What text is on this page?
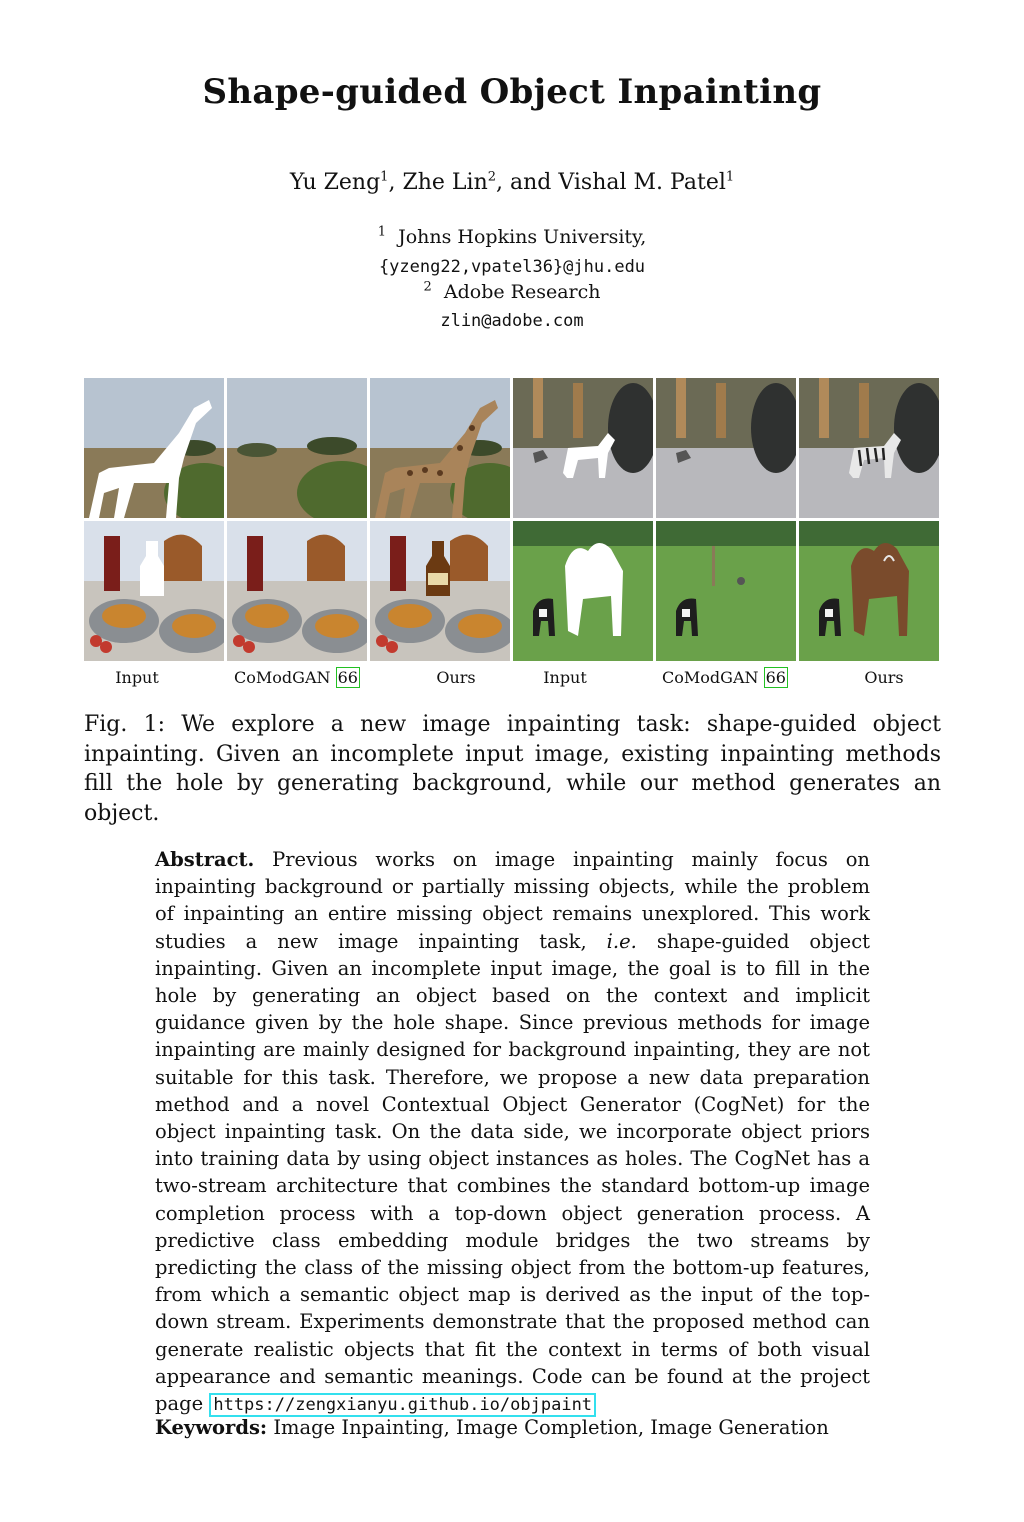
Shape-guided Object Inpainting
Yu Zeng$^1$, Zhe Lin$^2$, and Vishal M. Patel$^1$
$^1$ Johns Hopkins University,
{yzeng22,vpatel36}@jhu.edu
$^2$ Adobe Research
zlin@adobe.com
Input	CoModGAN 66	Ours	Input	CoModGAN 66	Ours
Fig. 1: We explore a new image inpainting task: shape-guided object inpainting. Given an incomplete input image, existing inpainting methods fill the hole by generating background, while our method generates an object.
Abstract. Previous works on image inpainting mainly focus on inpainting background or partially missing objects, while the problem of inpainting an entire missing object remains unexplored. This work studies a new image inpainting task, i.e. shape-guided object inpainting. Given an incomplete input image, the goal is to fill in the hole by generating an object based on the context and implicit guidance given by the hole shape. Since previous methods for image inpainting are mainly designed for background inpainting, they are not suitable for this task. Therefore, we propose a new data preparation method and a novel Contextual Object Generator (CogNet) for the object inpainting task. On the data side, we incorporate object priors into training data by using object instances as holes. The CogNet has a two-stream architecture that combines the standard bottom-up image completion process with a top-down object generation process. A predictive class embedding module bridges the two streams by predicting the class of the missing object from the bottom-up features, from which a semantic object map is derived as the input of the top-down stream. Experiments demonstrate that the proposed method can generate realistic objects that fit the context in terms of both visual appearance and semantic meanings. Code can be found at the project page https://zengxianyu.github.io/objpaint
Keywords: Image Inpainting, Image Completion, Image Generation
